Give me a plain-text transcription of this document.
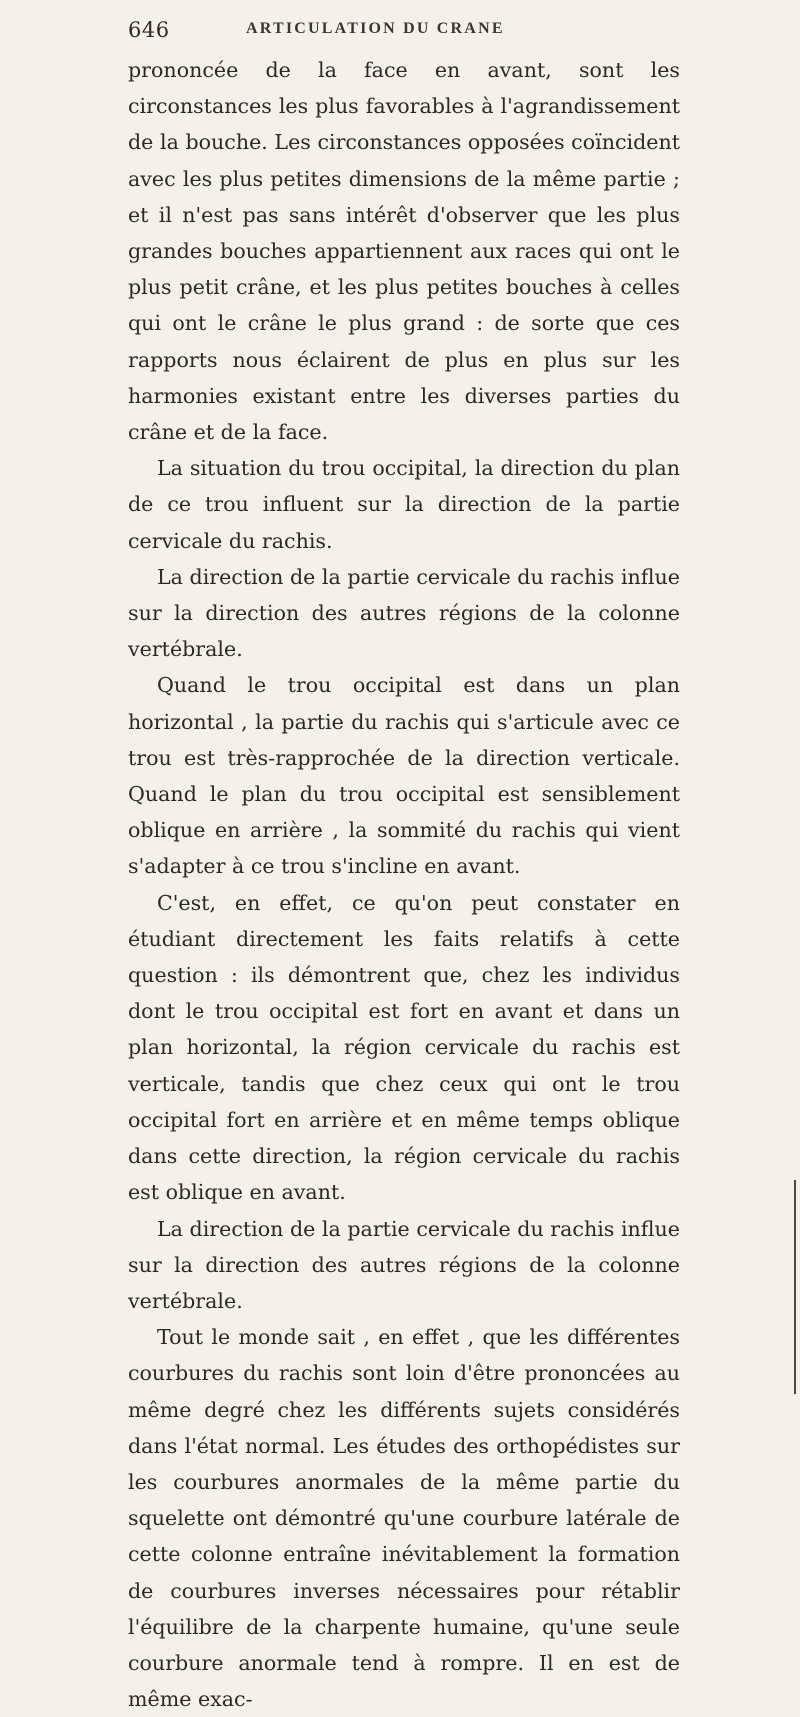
646	ARTICULATION DU CRANE

prononcée de la face en avant, sont les circonstances les plus favorables à l'agrandissement de la bouche. Les circonstances opposées coïncident avec les plus petites dimensions de la même partie ; et il n'est pas sans intérêt d'observer que les plus grandes bouches appartiennent aux races qui ont le plus petit crâne, et les plus petites bouches à celles qui ont le crâne le plus grand : de sorte que ces rapports nous éclairent de plus en plus sur les harmonies existant entre les diverses parties du crâne et de la face.

La situation du trou occipital, la direction du plan de ce trou influent sur la direction de la partie cervicale du rachis.

La direction de la partie cervicale du rachis influe sur la direction des autres régions de la colonne vertébrale.

Quand le trou occipital est dans un plan horizontal , la partie du rachis qui s'articule avec ce trou est très-rapprochée de la direction verticale. Quand le plan du trou occipital est sensiblement oblique en arrière , la sommité du rachis qui vient s'adapter à ce trou s'incline en avant.

C'est, en effet, ce qu'on peut constater en étudiant directement les faits relatifs à cette question : ils démontrent que, chez les individus dont le trou occipital est fort en avant et dans un plan horizontal, la région cervicale du rachis est verticale, tandis que chez ceux qui ont le trou occipital fort en arrière et en même temps oblique dans cette direction, la région cervicale du rachis est oblique en avant.

La direction de la partie cervicale du rachis influe sur la direction des autres régions de la colonne vertébrale.

Tout le monde sait , en effet , que les différentes courbures du rachis sont loin d'être prononcées au même degré chez les différents sujets considérés dans l'état normal. Les études des orthopédistes sur les courbures anormales de la même partie du squelette ont démontré qu'une courbure latérale de cette colonne entraîne inévitablement la formation de courbures inverses nécessaires pour rétablir l'équilibre de la charpente humaine, qu'une seule courbure anormale tend à rompre. Il en est de même exac-
